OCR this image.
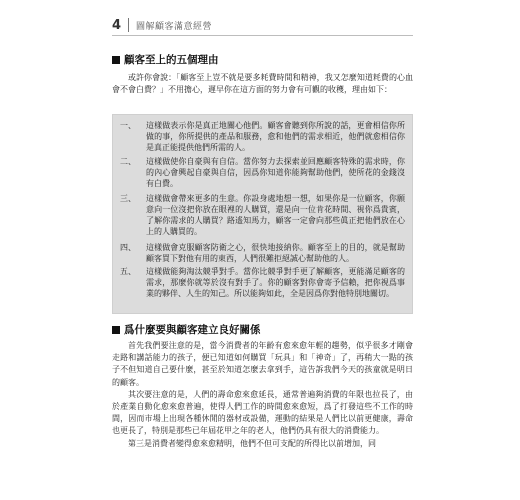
4 圖解顧客滿意經營
顧客至上的五個理由

或許你會說：「顧客至上豈不就是要多耗費時間和精神，我又怎麼知道耗費的心血會不會白費？」不用擔心，遲早你在這方面的努力會有可觀的收穫，理由如下：

一、	這樣做表示你是真正地關心他們。顧客會聽到你所說的話，更會相信你所做的事，你所提供的產品和服務，愈和他們的需求相近，他們就愈相信你是真正能提供他們所需的人。
二、	這樣做使你自豪與有自信。當你努力去探索並回應顧客特殊的需求時，你的內心會興起自豪與自信，因爲你知道你能夠幫助他們，使所花的金錢沒有白費。
三、	這樣做會帶來更多的生意。你設身處地想一想，如果你是一位顧客，你願意向一位沒把你放在眼裡的人購買，還是向一位肯花時間、視你爲貴賓，了解你需求的人購買？路遙知馬力，顧客一定會向那些眞正把他們放在心上的人購買的。
四、	這樣做會克服顧客防衛之心，很快地接納你。顧客至上的目的，就是幫助顧客買下對他有用的東西，人們很難拒絕誠心幫助他的人。
五、	這樣做能夠淘汰競爭對手。當你比競爭對手更了解顧客，更能滿足顧客的需求，那麼你就等於沒有對手了。你的顧客對你會寄予信賴，把你視爲事業的夥伴、人生的知己。所以能夠如此，全是因爲你對他特別地關切。
爲什麼要與顧客建立良好關係

首先我們要注意的是，當今消費者的年齡有愈來愈年輕的趨勢，似乎很多才剛會走路和講話能力的孩子，便已知道如何購買「玩具」和「神奇」了，再稍大一點的孩子不但知道自己要什麼，甚至於知道怎麼去拿到手，這告訴我們今天的孩童就是明日的顧客。
其次要注意的是，人們的壽命愈來愈延長，通常普遍夠消費的年限也拉長了，由於產業自動化愈來愈普遍，使得人們工作的時間愈來愈短，爲了打發這些不工作的時間，因而市場上出現各種休閒的器材或設備，運動的結果是人們比以前更健康，壽命也更長了，特別是那些已年屆花甲之年的老人，他們仍具有很大的消費能力。
第三是消費者變得愈來愈精明，他們不但可支配的所得比以前增加，同
